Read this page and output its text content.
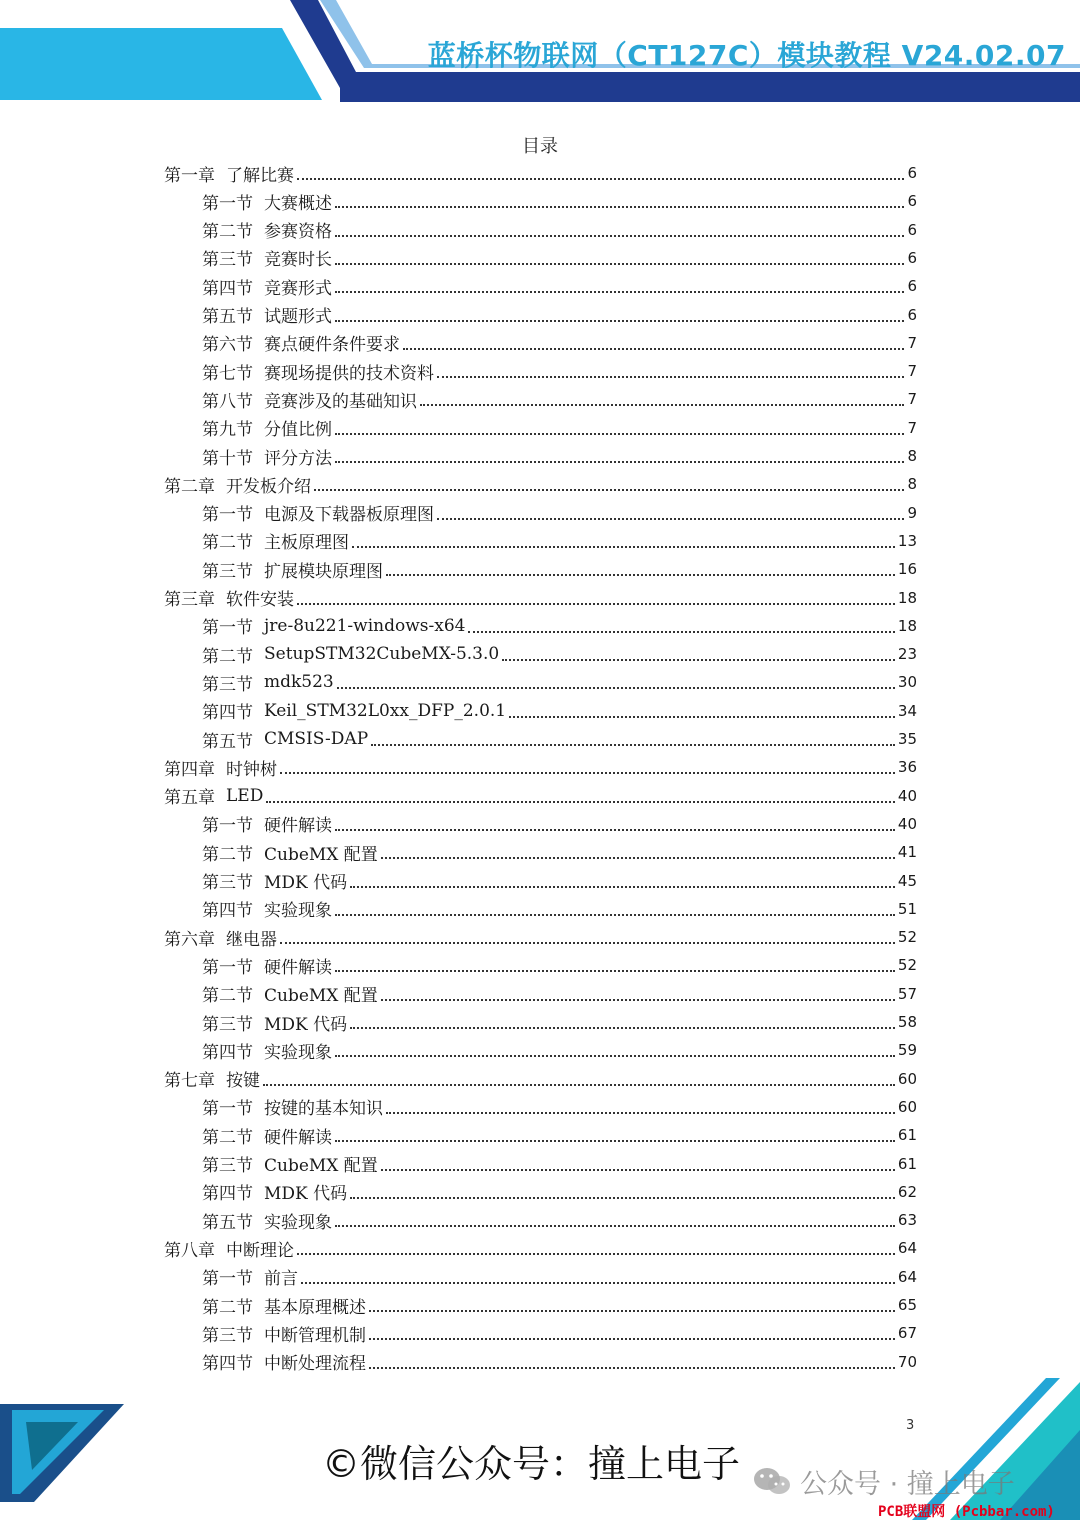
蓝桥杯物联网（CT127C）模块教程 V24.02.07
目录
第一章 了解比赛	6
第一节 大赛概述	6
第二节 参赛资格	6
第三节 竞赛时长	6
第四节 竞赛形式	6
第五节 试题形式	6
第六节 赛点硬件条件要求	7
第七节 赛现场提供的技术资料	7
第八节 竞赛涉及的基础知识	7
第九节 分值比例	7
第十节 评分方法	8
第二章 开发板介绍	8
第一节 电源及下载器板原理图	9
第二节 主板原理图	13
第三节 扩展模块原理图	16
第三章 软件安装	18
第一节 jre-8u221-windows-x64	18
第二节 SetupSTM32CubeMX-5.3.0	23
第三节 mdk523	30
第四节 Keil_STM32L0xx_DFP_2.0.1	34
第五节 CMSIS-DAP	35
第四章 时钟树	36
第五章 LED	40
第一节 硬件解读	40
第二节 CubeMX 配置	41
第三节 MDK 代码	45
第四节 实验现象	51
第六章 继电器	52
第一节 硬件解读	52
第二节 CubeMX 配置	57
第三节 MDK 代码	58
第四节 实验现象	59
第七章 按键	60
第一节 按键的基本知识	60
第二节 硬件解读	61
第三节 CubeMX 配置	61
第四节 MDK 代码	62
第五节 实验现象	63
第八章 中断理论	64
第一节 前言	64
第二节 基本原理概述	65
第三节 中断管理机制	67
第四节 中断处理流程	70
3
©微信公众号：撞上电子 公众号 · 撞上电子
PCB联盟网 (Pcbbar.com)
